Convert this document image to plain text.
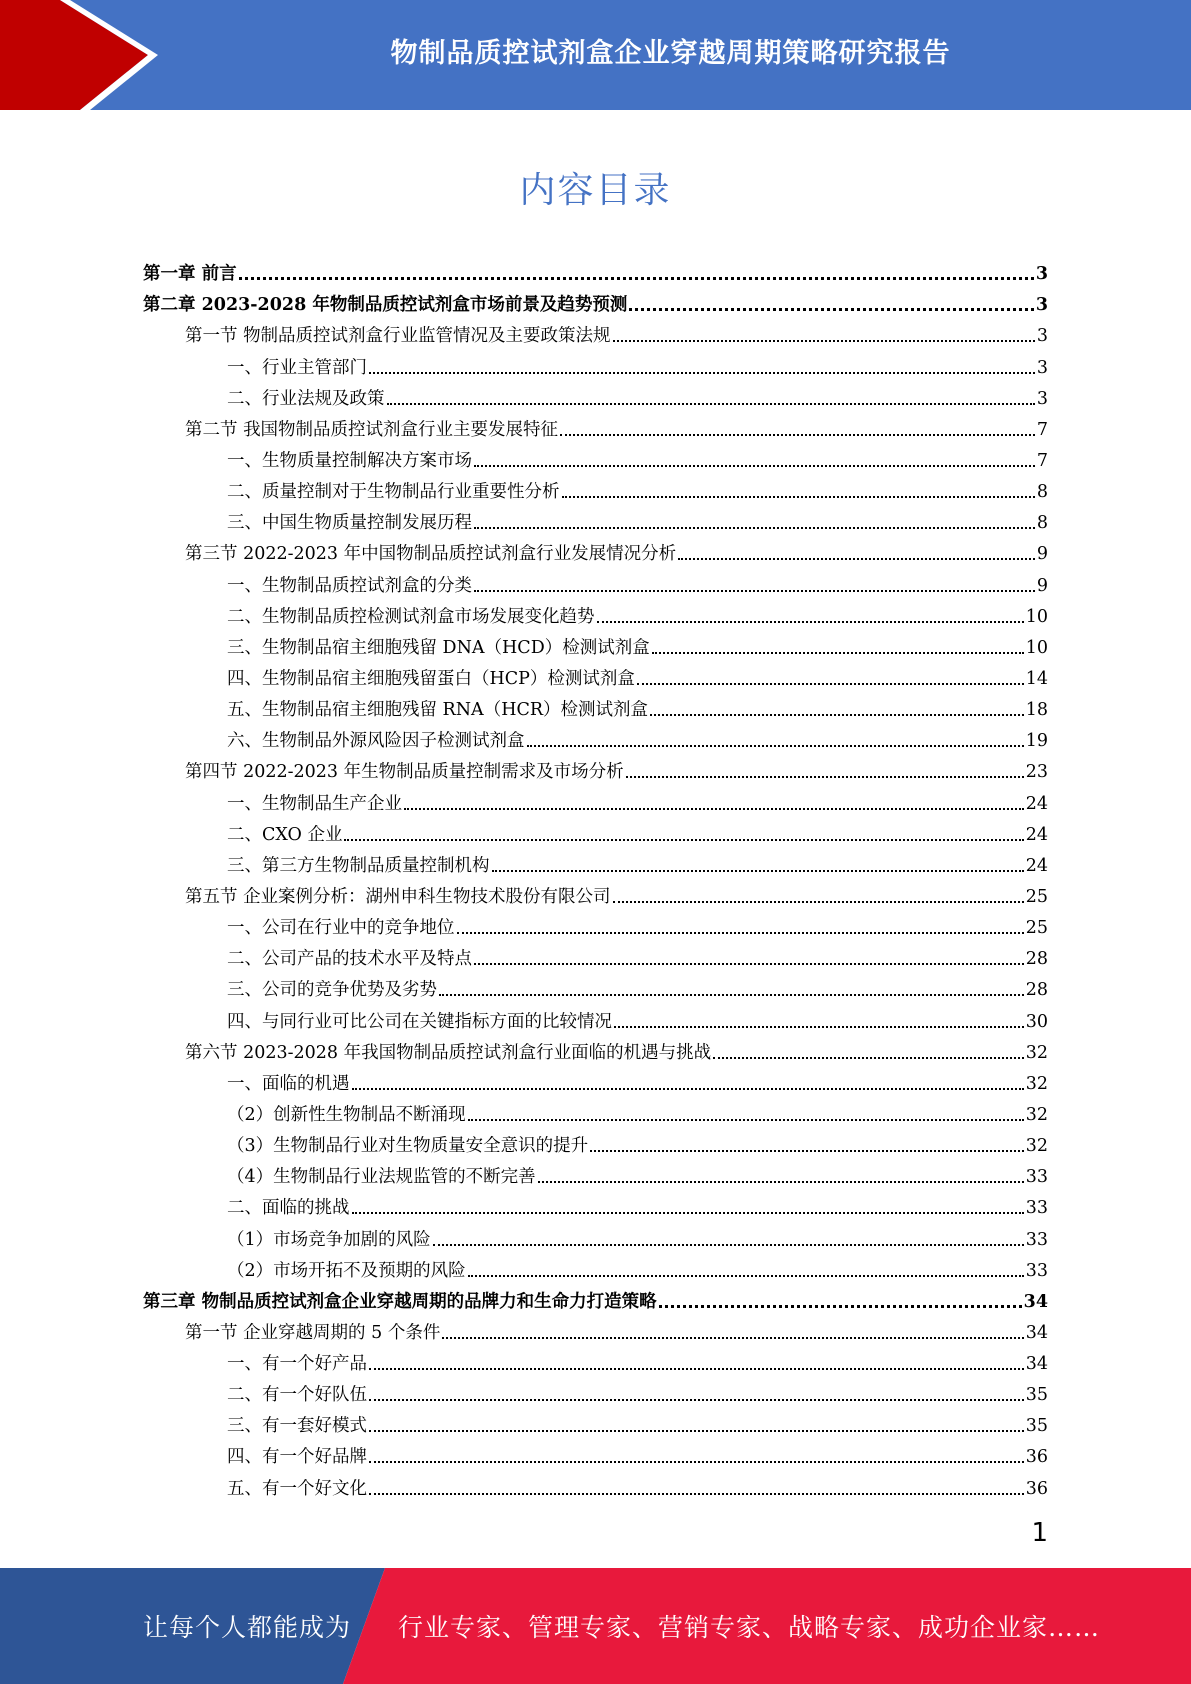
物制品质控试剂盒企业穿越周期策略研究报告
内容目录
第一章 前言	3
第二章 2023-2028 年物制品质控试剂盒市场前景及趋势预测	3
第一节 物制品质控试剂盒行业监管情况及主要政策法规	3
一、行业主管部门	3
二、行业法规及政策	3
第二节 我国物制品质控试剂盒行业主要发展特征	7
一、生物质量控制解决方案市场	7
二、质量控制对于生物制品行业重要性分析	8
三、中国生物质量控制发展历程	8
第三节 2022-2023 年中国物制品质控试剂盒行业发展情况分析	9
一、生物制品质控试剂盒的分类	9
二、生物制品质控检测试剂盒市场发展变化趋势	10
三、生物制品宿主细胞残留 DNA（HCD）检测试剂盒	10
四、生物制品宿主细胞残留蛋白（HCP）检测试剂盒	14
五、生物制品宿主细胞残留 RNA（HCR）检测试剂盒	18
六、生物制品外源风险因子检测试剂盒	19
第四节 2022-2023 年生物制品质量控制需求及市场分析	23
一、生物制品生产企业	24
二、CXO 企业	24
三、第三方生物制品质量控制机构	24
第五节 企业案例分析：湖州申科生物技术股份有限公司	25
一、公司在行业中的竞争地位	25
二、公司产品的技术水平及特点	28
三、公司的竞争优势及劣势	28
四、与同行业可比公司在关键指标方面的比较情况	30
第六节 2023-2028 年我国物制品质控试剂盒行业面临的机遇与挑战	32
一、面临的机遇	32
（2）创新性生物制品不断涌现	32
（3）生物制品行业对生物质量安全意识的提升	32
（4）生物制品行业法规监管的不断完善	33
二、面临的挑战	33
（1）市场竞争加剧的风险	33
（2）市场开拓不及预期的风险	33
第三章 物制品质控试剂盒企业穿越周期的品牌力和生命力打造策略	34
第一节 企业穿越周期的 5 个条件	34
一、有一个好产品	34
二、有一个好队伍	35
三、有一套好模式	35
四、有一个好品牌	36
五、有一个好文化	36
1
让每个人都能成为 行业专家、管理专家、营销专家、战略专家、成功企业家……
